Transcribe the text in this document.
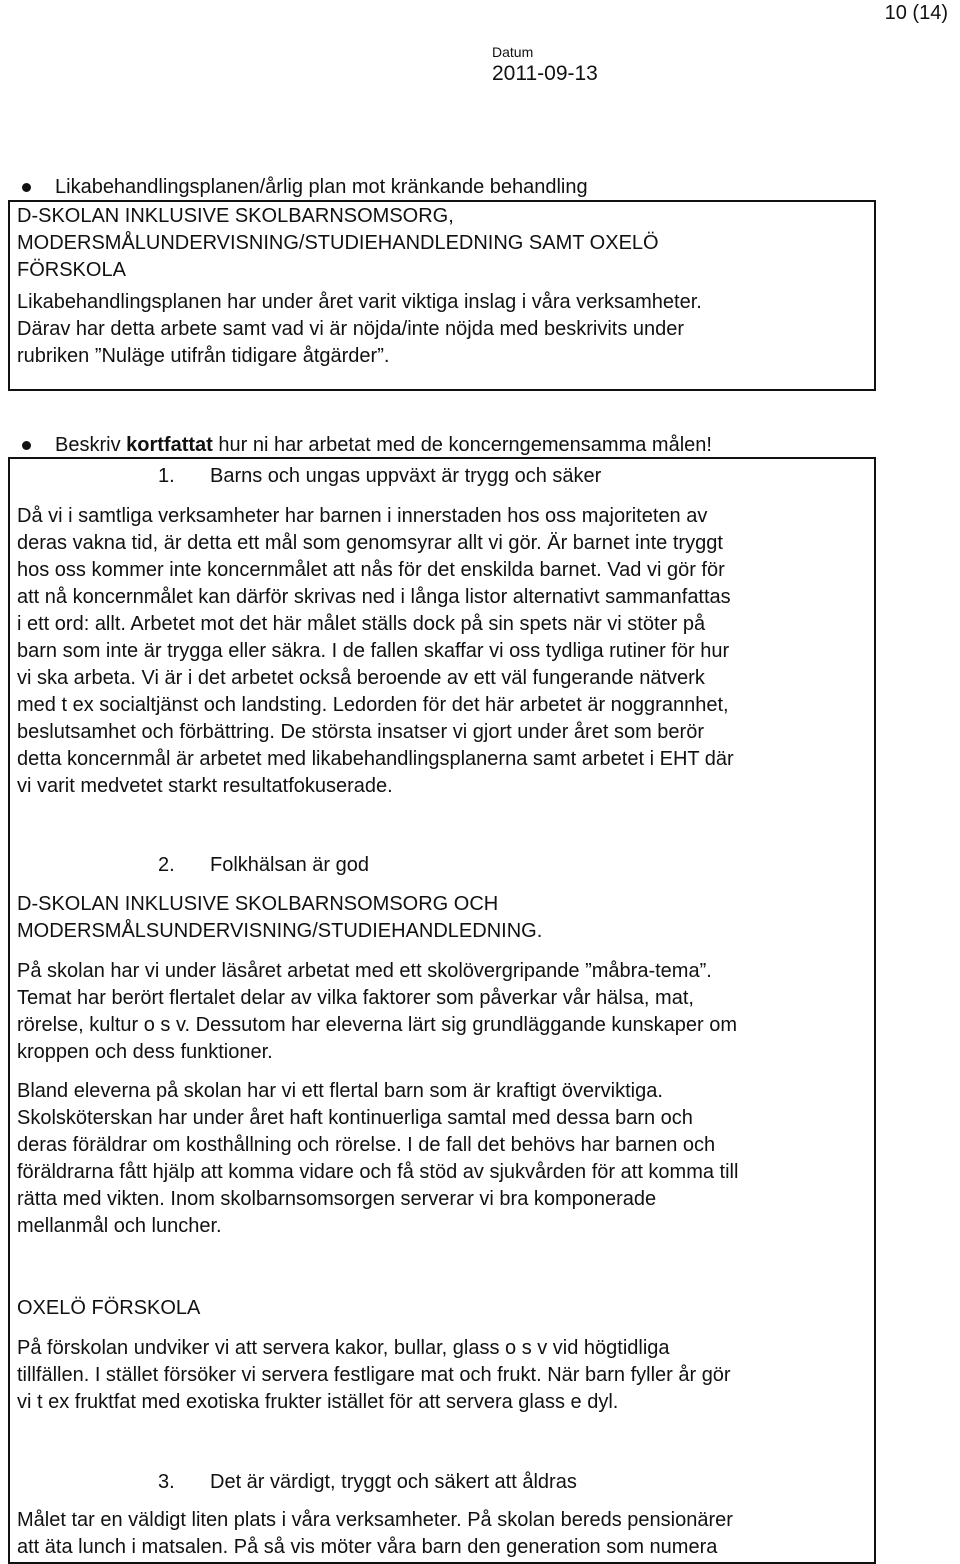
10 (14)
Datum
2011-09-13
Likabehandlingsplanen/årlig plan mot kränkande behandling
D-SKOLAN INKLUSIVE SKOLBARNSOMSORG,
MODERSMÅLUNDERVISNING/STUDIEHANDLEDNING SAMT OXELÖ
FÖRSKOLA
Likabehandlingsplanen har under året varit viktiga inslag i våra verksamheter.
Därav har detta arbete samt vad vi är nöjda/inte nöjda med beskrivits under
rubriken ”Nuläge utifrån tidigare åtgärder”.
Beskriv kortfattat hur ni har arbetat med de koncerngemensamma målen!
1. Barns och ungas uppväxt är trygg och säker
Då vi i samtliga verksamheter har barnen i innerstaden hos oss majoriteten av
deras vakna tid, är detta ett mål som genomsyrar allt vi gör. Är barnet inte tryggt
hos oss kommer inte koncernmålet att nås för det enskilda barnet. Vad vi gör för
att nå koncernmålet kan därför skrivas ned i långa listor alternativt sammanfattas
i ett ord: allt. Arbetet mot det här målet ställs dock på sin spets när vi stöter på
barn som inte är trygga eller säkra. I de fallen skaffar vi oss tydliga rutiner för hur
vi ska arbeta. Vi är i det arbetet också beroende av ett väl fungerande nätverk
med t ex socialtjänst och landsting. Ledorden för det här arbetet är noggrannhet,
beslutsamhet och förbättring. De största insatser vi gjort under året som berör
detta koncernmål är arbetet med likabehandlingsplanerna samt arbetet i EHT där
vi varit medvetet starkt resultatfokuserade.
2. Folkhälsan är god
D-SKOLAN INKLUSIVE SKOLBARNSOMSORG OCH
MODERSMÅLSUNDERVISNING/STUDIEHANDLEDNING.
På skolan har vi under läsåret arbetat med ett skolövergripande ”måbra-tema”.
Temat har berört flertalet delar av vilka faktorer som påverkar vår hälsa, mat,
rörelse, kultur o s v. Dessutom har eleverna lärt sig grundläggande kunskaper om
kroppen och dess funktioner.
Bland eleverna på skolan har vi ett flertal barn som är kraftigt överviktiga.
Skolsköterskan har under året haft kontinuerliga samtal med dessa barn och
deras föräldrar om kosthållning och rörelse. I de fall det behövs har barnen och
föräldrarna fått hjälp att komma vidare och få stöd av sjukvården för att komma till
rätta med vikten. Inom skolbarnsomsorgen serverar vi bra komponerade
mellanmål och luncher.
OXELÖ FÖRSKOLA
På förskolan undviker vi att servera kakor, bullar, glass o s v vid högtidliga
tillfällen. I stället försöker vi servera festligare mat och frukt. När barn fyller år gör
vi t ex fruktfat med exotiska frukter istället för att servera glass e dyl.
3. Det är värdigt, tryggt och säkert att åldras
Målet tar en väldigt liten plats i våra verksamheter. På skolan bereds pensionärer
att äta lunch i matsalen. På så vis möter våra barn den generation som numera
